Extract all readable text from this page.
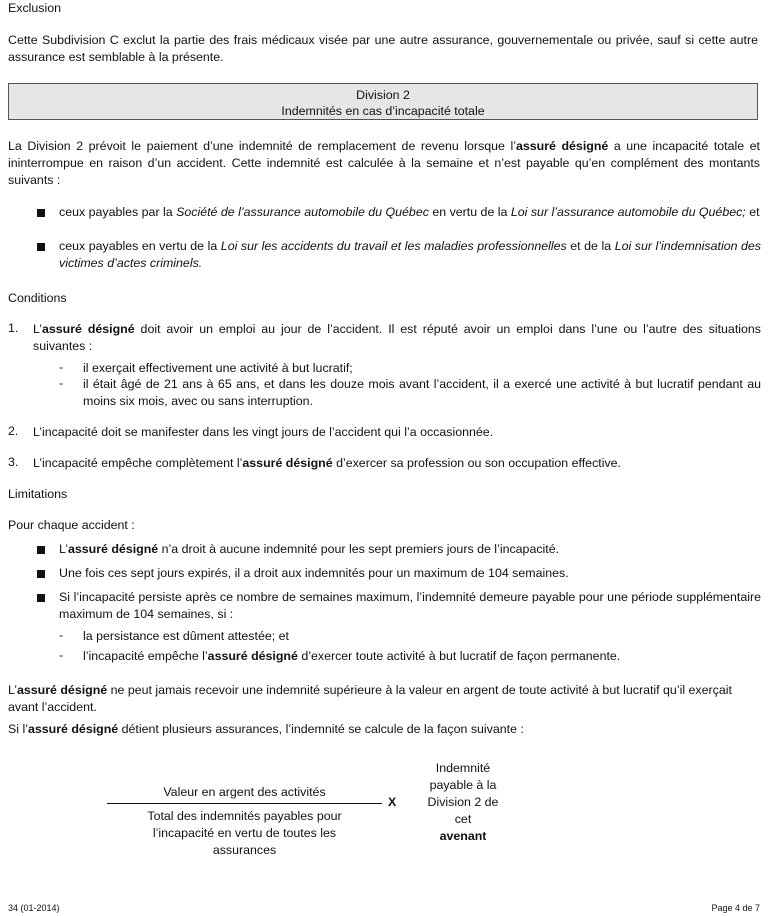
Exclusion

Cette Subdivision C exclut la partie des frais médicaux visée par une autre assurance, gouvernementale ou privée, sauf si cette autre assurance est semblable à la présente.

Division 2
Indemnités en cas d’incapacité totale

La Division 2 prévoit le paiement d’une indemnité de remplacement de revenu lorsque l’assuré désigné a une incapacité totale et ininterrompue en raison d’un accident. Cette indemnité est calculée à la semaine et n’est payable qu’en complément des montants suivants :

ceux payables par la Société de l’assurance automobile du Québec en vertu de la Loi sur l’assurance automobile du Québec; et

ceux payables en vertu de la Loi sur les accidents du travail et les maladies professionnelles et de la Loi sur l’indemnisation des victimes d’actes criminels.

Conditions

1. L’assuré désigné doit avoir un emploi au jour de l’accident. Il est réputé avoir un emploi dans l’une ou l’autre des situations suivantes :

- il exerçait effectivement une activité à but lucratif;

- il était âgé de 21 ans à 65 ans, et dans les douze mois avant l’accident, il a exercé une activité à but lucratif pendant au moins six mois, avec ou sans interruption.

2. L’incapacité doit se manifester dans les vingt jours de l’accident qui l’a occasionnée.

3. L’incapacité empêche complètement l’assuré désigné d’exercer sa profession ou son occupation effective.

Limitations

Pour chaque accident :

L’assuré désigné n’a droit à aucune indemnité pour les sept premiers jours de l’incapacité.

Une fois ces sept jours expirés, il a droit aux indemnités pour un maximum de 104 semaines.

Si l’incapacité persiste après ce nombre de semaines maximum, l’indemnité demeure payable pour une période supplémentaire maximum de 104 semaines, si :

- la persistance est dûment attestée; et

- l’incapacité empêche l’assuré désigné d’exercer toute activité à but lucratif de façon permanente.

L’assuré désigné ne peut jamais recevoir une indemnité supérieure à la valeur en argent de toute activité à but lucratif qu’il exerçait avant l’accident.

Si l’assuré désigné détient plusieurs assurances, l’indemnité se calcule de la façon suivante :

Valeur en argent des activités

Total des indemnités payables pour l’incapacité en vertu de toutes les assurances

X

Indemnité payable à la Division 2 de cet
avenant

34 (01-2014)	Page 4 de 7
